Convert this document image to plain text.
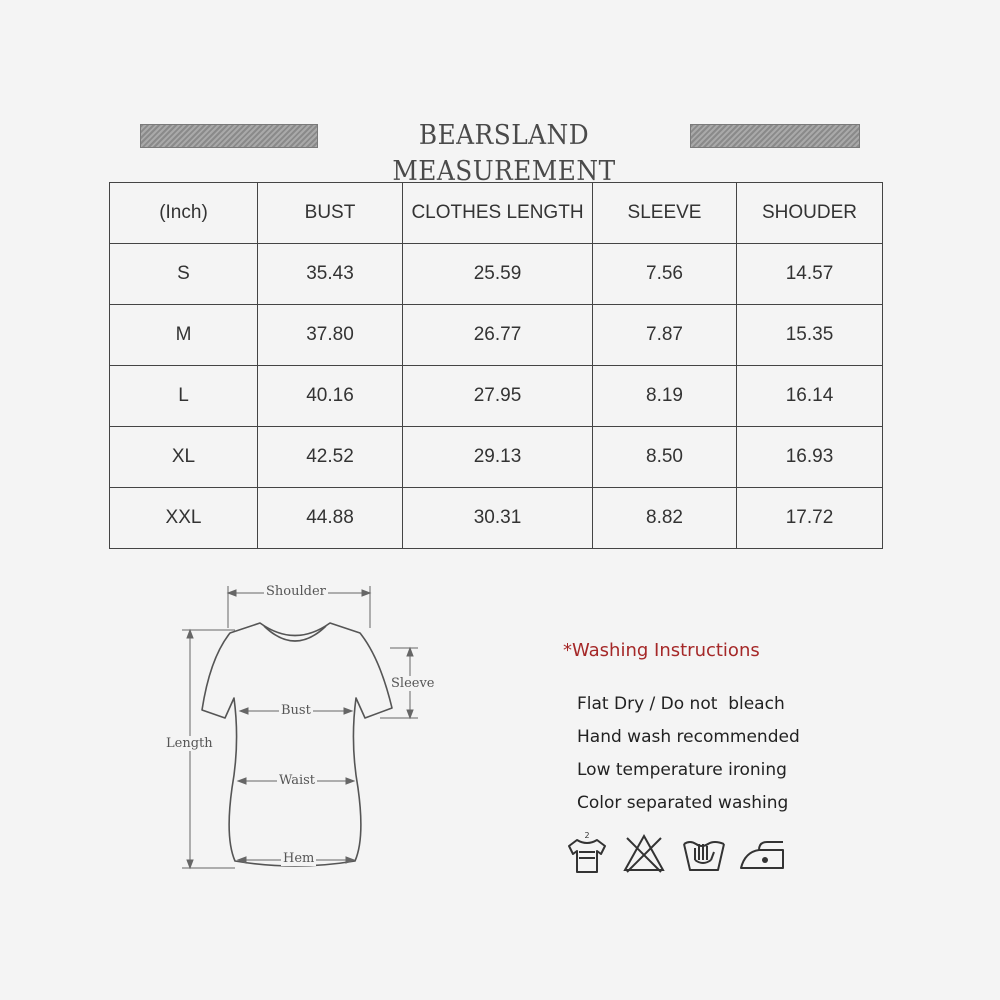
BEARSLAND MEASUREMENT
(Inch)	BUST	CLOTHES LENGTH	SLEEVE	SHOUDER
S	35.43	25.59	7.56	14.57
M	37.80	26.77	7.87	15.35
L	40.16	27.95	8.19	16.14
XL	42.52	29.13	8.50	16.93
XXL	44.88	30.31	8.82	17.72
Shoulder
Sleeve
Bust
Length
Waist
Hem
*Washing Instructions
Flat Dry / Do not  bleach
Hand wash recommended
Low temperature ironing
Color separated washing
2
